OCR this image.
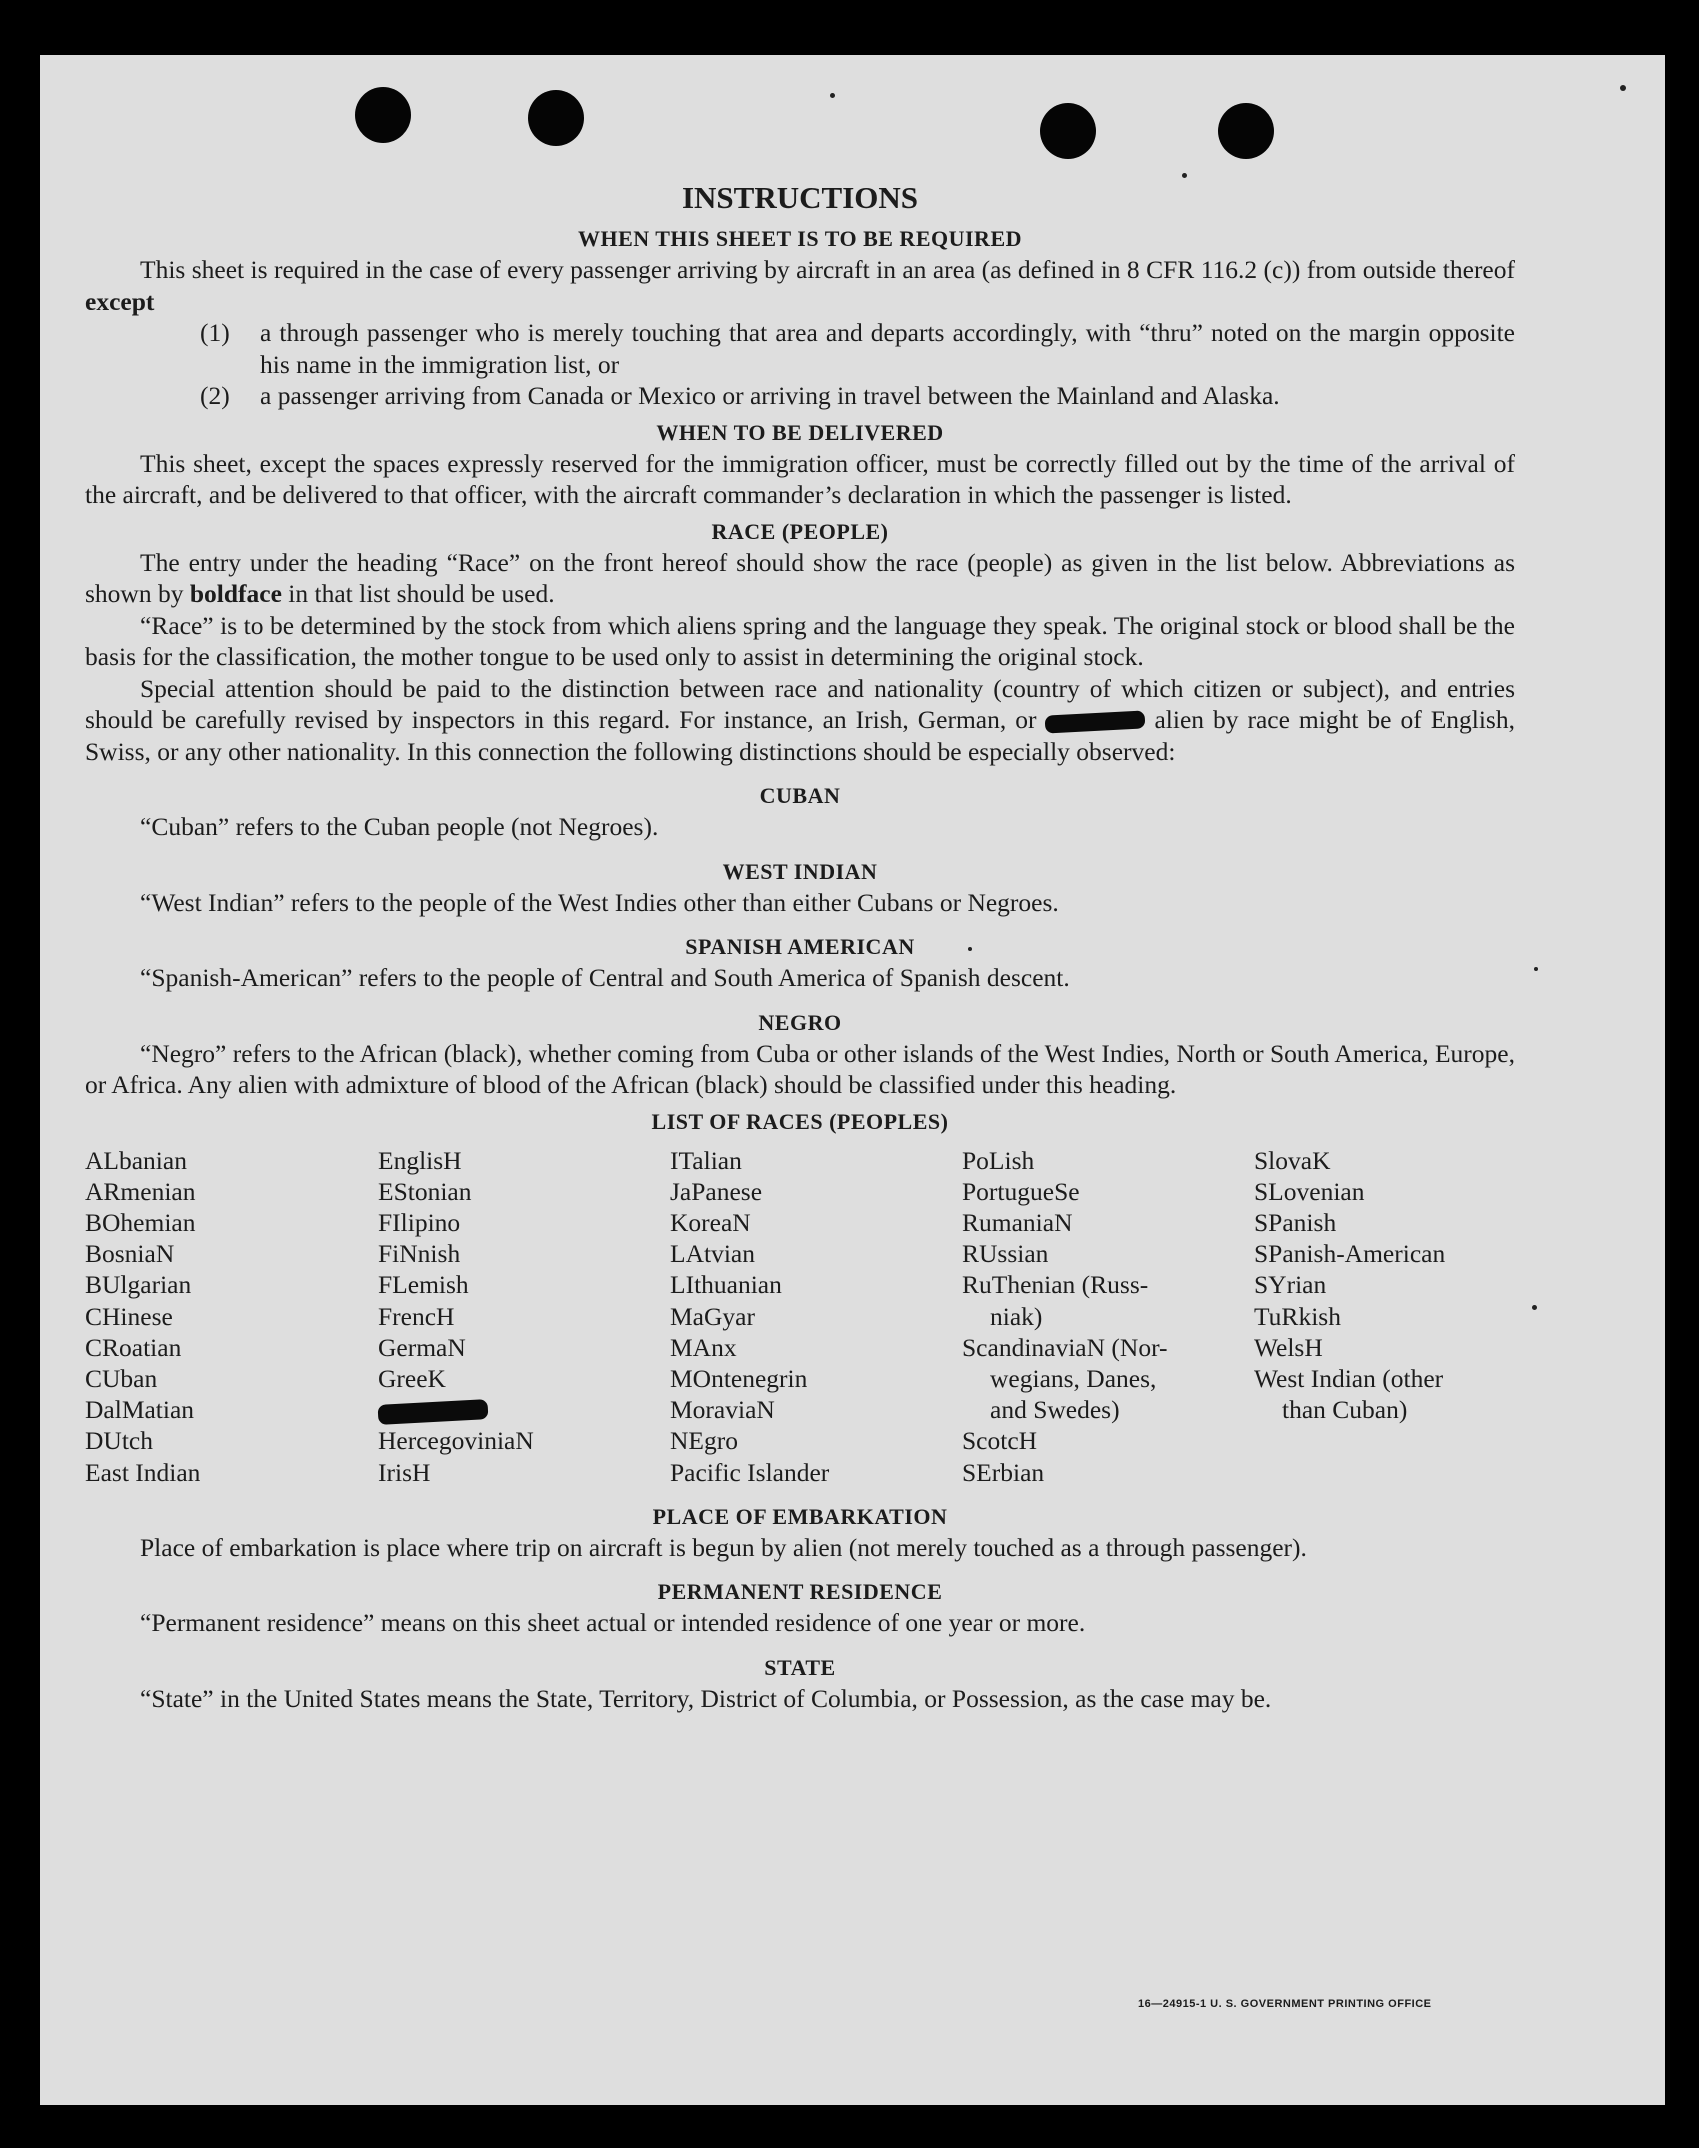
INSTRUCTIONS

WHEN THIS SHEET IS TO BE REQUIRED

This sheet is required in the case of every passenger arriving by aircraft in an area (as defined in 8 CFR 116.2 (c)) from outside thereof except

(1)	a through passenger who is merely touching that area and departs accordingly, with “thru” noted on the margin opposite his name in the immigration list, or
(2)	a passenger arriving from Canada or Mexico or arriving in travel between the Mainland and Alaska.

WHEN TO BE DELIVERED

This sheet, except the spaces expressly reserved for the immigration officer, must be correctly filled out by the time of the arrival of the aircraft, and be delivered to that officer, with the aircraft commander’s declaration in which the passenger is listed.

RACE (PEOPLE)

The entry under the heading “Race” on the front hereof should show the race (people) as given in the list below. Abbreviations as shown by boldface in that list should be used.

“Race” is to be determined by the stock from which aliens spring and the language they speak. The original stock or blood shall be the basis for the classification, the mother tongue to be used only to assist in determining the original stock.

Special attention should be paid to the distinction between race and nationality (country of which citizen or subject), and entries should be carefully revised by inspectors in this regard. For instance, an Irish, German, or	alien by race might be of English, Swiss, or any other nationality. In this connection the following distinctions should be especially observed:

CUBAN

“Cuban” refers to the Cuban people (not Negroes).

WEST INDIAN

“West Indian” refers to the people of the West Indies other than either Cubans or Negroes.

SPANISH AMERICAN

“Spanish-American” refers to the people of Central and South America of Spanish descent.

NEGRO

“Negro” refers to the African (black), whether coming from Cuba or other islands of the West Indies, North or South America, Europe, or Africa. Any alien with admixture of blood of the African (black) should be classified under this heading.

LIST OF RACES (PEOPLES)

ALbanian
ARmenian
BOhemian
BosniaN
BUlgarian
CHinese
CRoatian
CUban
DalMatian
DUtch
East Indian
EnglisH
EStonian
FIlipino
FiNnish
FLemish
FrencH
GermaN
GreeK
HercegoviniaN
IrisH
ITalian
JaPanese
KoreaN
LAtvian
LIthuanian
MaGyar
MAnx
MOntenegrin
MoraviaN
NEgro
Pacific Islander
PoLish
PortugueSe
RumaniaN
RUssian
RuThenian (Russ-
niak)
ScandinaviaN (Nor-
wegians, Danes,
and Swedes)
ScotcH
SErbian
SlovaK
SLovenian
SPanish
SPanish-American
SYrian
TuRkish
WelsH
West Indian (other
than Cuban)

PLACE OF EMBARKATION

Place of embarkation is place where trip on aircraft is begun by alien (not merely touched as a through passenger).

PERMANENT RESIDENCE

“Permanent residence” means on this sheet actual or intended residence of one year or more.

STATE

“State” in the United States means the State, Territory, District of Columbia, or Possession, as the case may be.

16—24915-1 U. S. GOVERNMENT PRINTING OFFICE
